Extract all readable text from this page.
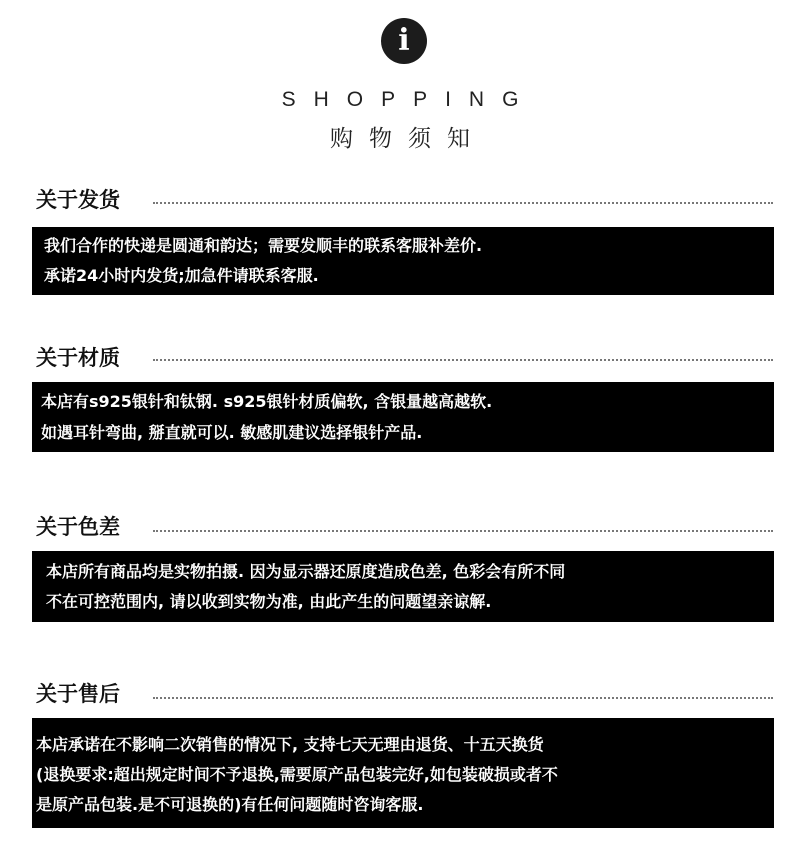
i
SHOPPING
购物须知
关于发货

我们合作的快递是圆通和韵达；需要发顺丰的联系客服补差价.

承诺24小时内发货;加急件请联系客服.

关于材质

本店有s925银针和钛钢. s925银针材质偏软, 含银量越高越软.

如遇耳针弯曲, 掰直就可以. 敏感肌建议选择银针产品.

关于色差

本店所有商品均是实物拍摄. 因为显示器还原度造成色差, 色彩会有所不同

不在可控范围内, 请以收到实物为准, 由此产生的问题望亲谅解.

关于售后

本店承诺在不影响二次销售的情况下, 支持七天无理由退货、十五天换货

(退换要求:超出规定时间不予退换,需要原产品包装完好,如包装破损或者不

是原产品包装.是不可退换的)有任何问题随时咨询客服.
